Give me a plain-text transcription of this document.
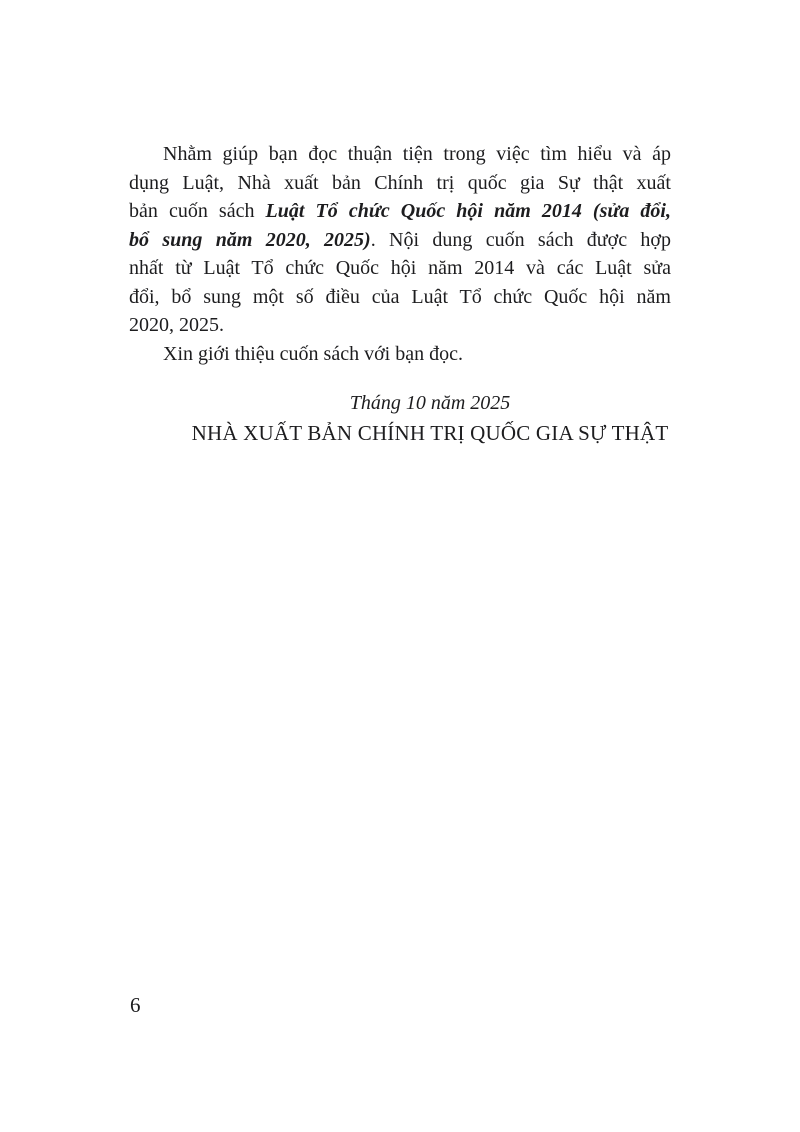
Nhằm giúp bạn đọc thuận tiện trong việc tìm hiểu và áp

dụng Luật, Nhà xuất bản Chính trị quốc gia Sự thật xuất

bản cuốn sách Luật Tổ chức Quốc hội năm 2014 (sửa đổi,

bổ sung năm 2020, 2025). Nội dung cuốn sách được hợp

nhất từ Luật Tổ chức Quốc hội năm 2014 và các Luật sửa

đổi, bổ sung một số điều của Luật Tổ chức Quốc hội năm

2020, 2025.

Xin giới thiệu cuốn sách với bạn đọc.

Tháng 10 năm 2025
NHÀ XUẤT BẢN CHÍNH TRỊ QUỐC GIA SỰ THẬT
6
